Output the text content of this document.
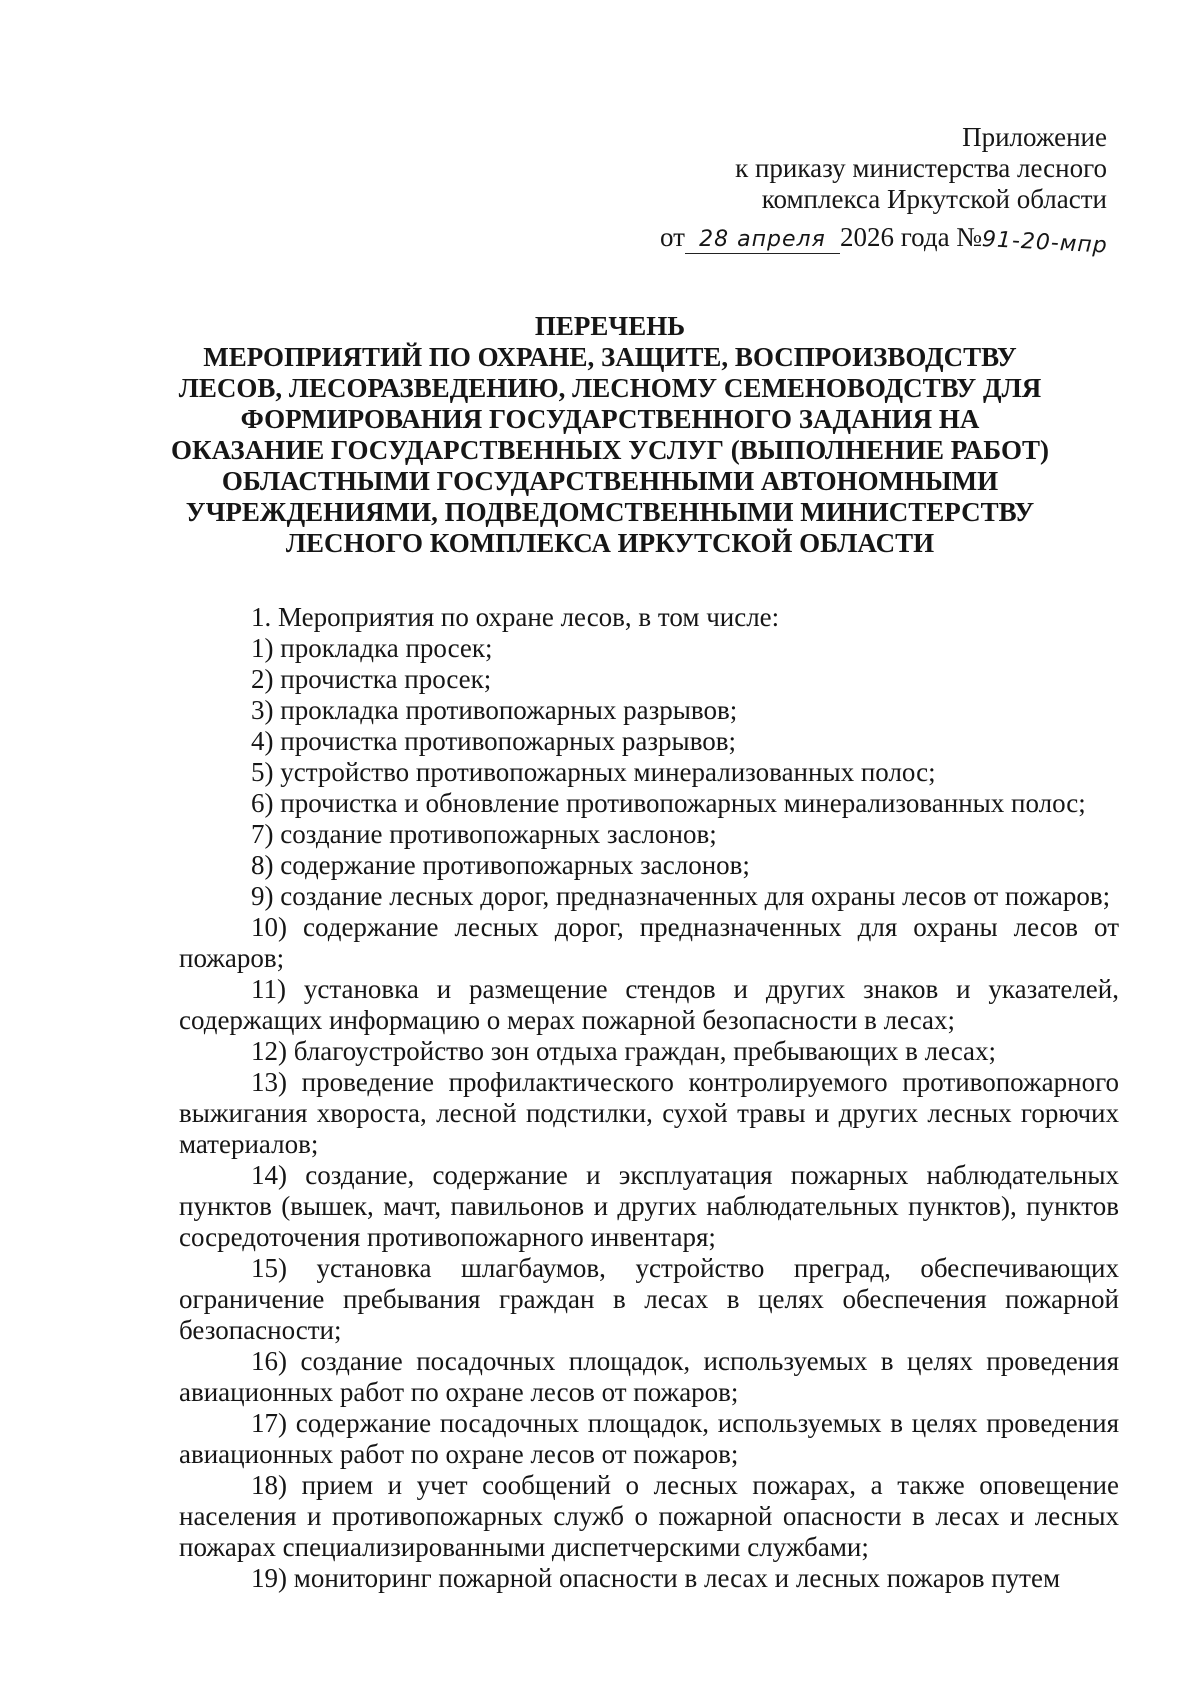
Приложение
к приказу министерства лесного
комплекса Иркутской области
от 28 апреля 2026 года №91-20-мпр
ПЕРЕЧЕНЬ
МЕРОПРИЯТИЙ ПО ОХРАНЕ, ЗАЩИТЕ, ВОСПРОИЗВОДСТВУ
ЛЕСОВ, ЛЕСОРАЗВЕДЕНИЮ, ЛЕСНОМУ СЕМЕНОВОДСТВУ ДЛЯ
ФОРМИРОВАНИЯ ГОСУДАРСТВЕННОГО ЗАДАНИЯ НА
ОКАЗАНИЕ ГОСУДАРСТВЕННЫХ УСЛУГ (ВЫПОЛНЕНИЕ РАБОТ)
ОБЛАСТНЫМИ ГОСУДАРСТВЕННЫМИ АВТОНОМНЫМИ
УЧРЕЖДЕНИЯМИ, ПОДВЕДОМСТВЕННЫМИ МИНИСТЕРСТВУ
ЛЕСНОГО КОМПЛЕКСА ИРКУТСКОЙ ОБЛАСТИ

1. Мероприятия по охране лесов, в том числе:

1) прокладка просек;

2) прочистка просек;

3) прокладка противопожарных разрывов;

4) прочистка противопожарных разрывов;

5) устройство противопожарных минерализованных полос;

6) прочистка и обновление противопожарных минерализованных полос;

7) создание противопожарных заслонов;

8) содержание противопожарных заслонов;

9) создание лесных дорог, предназначенных для охраны лесов от пожаров;

10) содержание лесных дорог, предназначенных для охраны лесов от пожаров;

11) установка и размещение стендов и других знаков и указателей, содержащих информацию о мерах пожарной безопасности в лесах;

12) благоустройство зон отдыха граждан, пребывающих в лесах;

13) проведение профилактического контролируемого противопожарного выжигания хвороста, лесной подстилки, сухой травы и других лесных горючих материалов;

14) создание, содержание и эксплуатация пожарных наблюдательных пунктов (вышек, мачт, павильонов и других наблюдательных пунктов), пунктов сосредоточения противопожарного инвентаря;

15) установка шлагбаумов, устройство преград, обеспечивающих ограничение пребывания граждан в лесах в целях обеспечения пожарной безопасности;

16) создание посадочных площадок, используемых в целях проведения авиационных работ по охране лесов от пожаров;

17) содержание посадочных площадок, используемых в целях проведения авиационных работ по охране лесов от пожаров;

18) прием и учет сообщений о лесных пожарах, а также оповещение населения и противопожарных служб о пожарной опасности в лесах и лесных пожарах специализированными диспетчерскими службами;

19) мониторинг пожарной опасности в лесах и лесных пожаров путем
